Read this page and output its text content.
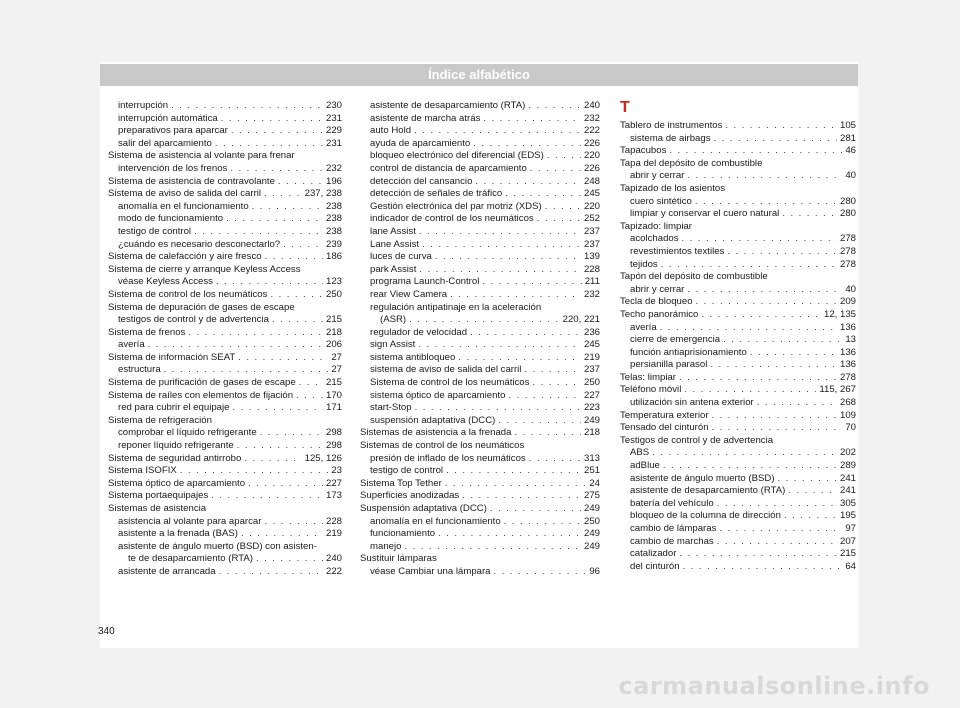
Índice alfabético
interrupción . . .	230
interrupción automática . . .	231
preparativos para aparcar . . .	229
salir del aparcamiento . . .	231
Sistema de asistencia al volante para frenar
intervención de los frenos . . .	232
Sistema de asistencia de contravolante . . .	196
Sistema de aviso de salida del carril . . .	237, 238
anomalía en el funcionamiento . . .	238
modo de funcionamiento . . .	238
testigo de control . . .	238
¿cuándo es necesario desconectarlo? . . .	239
Sistema de calefacción y aire fresco . . .	186
Sistema de cierre y arranque Keyless Access
véase Keyless Access . . .	123
Sistema de control de los neumáticos . . .	250
Sistema de depuración de gases de escape
testigos de control y de advertencia . . .	215
Sistema de frenos . . .	218
avería . . .	206
Sistema de información SEAT . . .	27
estructura . . .	27
Sistema de purificación de gases de escape . . .	215
Sistema de raíles con elementos de fijación . . .	170
red para cubrir el equipaje . . .	171
Sistema de refrigeración
comprobar el líquido refrigerante . . .	298
reponer líquido refrigerante . . .	298
Sistema de seguridad antirrobo . . .	125, 126
Sistema ISOFIX . . .	23
Sistema óptico de aparcamiento . . .	227
Sistema portaequipajes . . .	173
Sistemas de asistencia
asistencia al volante para aparcar . . .	228
asistente a la frenada (BAS) . . .	219
asistente de ángulo muerto (BSD) con asisten-
te de desaparcamiento (RTA) . . .	240
asistente de arrancada . . .	222
asistente de desaparcamiento (RTA) . . .	240
asistente de marcha atrás . . .	232
auto Hold . . .	222
ayuda de aparcamiento . . .	226
bloqueo electrónico del diferencial (EDS) . . .	220
control de distancia de aparcamiento . . .	226
detección del cansancio . . .	248
detección de señales de tráfico . . .	245
Gestión electrónica del par motriz (XDS) . . .	220
indicador de control de los neumáticos . . .	252
lane Assist . . .	237
Lane Assist . . .	237
luces de curva . . .	139
park Assist . . .	228
programa Launch-Control . . .	211
rear View Camera . . .	232
regulación antipatinaje en la aceleración
(ASR) . . .	220, 221
regulador de velocidad . . .	236
sign Assist . . .	245
sistema antibloqueo . . .	219
sistema de aviso de salida del carril . . .	237
Sistema de control de los neumáticos . . .	250
sistema óptico de aparcamiento . . .	227
start-Stop . . .	223
suspensión adaptativa (DCC) . . .	249
Sistemas de asistencia a la frenada . . .	218
Sistemas de control de los neumáticos
presión de inflado de los neumáticos . . .	313
testigo de control . . .	251
Sistema Top Tether . . .	24
Superficies anodizadas . . .	275
Suspensión adaptativa (DCC) . . .	249
anomalía en el funcionamiento . . .	250
funcionamiento . . .	249
manejo . . .	249
Sustituir lámparas
véase Cambiar una lámpara . . .	96
T
Tablero de instrumentos . . .	105
sistema de airbags . . .	281
Tapacubos . . .	46
Tapa del depósito de combustible
abrir y cerrar . . .	40
Tapizado de los asientos
cuero sintético . . .	280
limpiar y conservar el cuero natural . . .	280
Tapizado: limpiar
acolchados . . .	278
revestimientos textiles . . .	278
tejidos . . .	278
Tapón del depósito de combustible
abrir y cerrar . . .	40
Tecla de bloqueo . . .	209
Techo panorámico . . .	12, 135
avería . . .	136
cierre de emergencia . . .	13
función antiaprisionamiento . . .	136
persianilla parasol . . .	136
Telas: limpiar . . .	278
Teléfono móvil . . .	115, 267
utilización sin antena exterior . . .	268
Temperatura exterior . . .	109
Tensado del cinturón . . .	70
Testigos de control y de advertencia
ABS . . .	202
adBlue . . .	289
asistente de ángulo muerto (BSD) . . .	241
asistente de desaparcamiento (RTA) . . .	241
batería del vehículo . . .	305
bloqueo de la columna de dirección . . .	195
cambio de lámparas . . .	97
cambio de marchas . . .	207
catalizador . . .	215
del cinturón . . .	64
340
carmanualsonline.info
